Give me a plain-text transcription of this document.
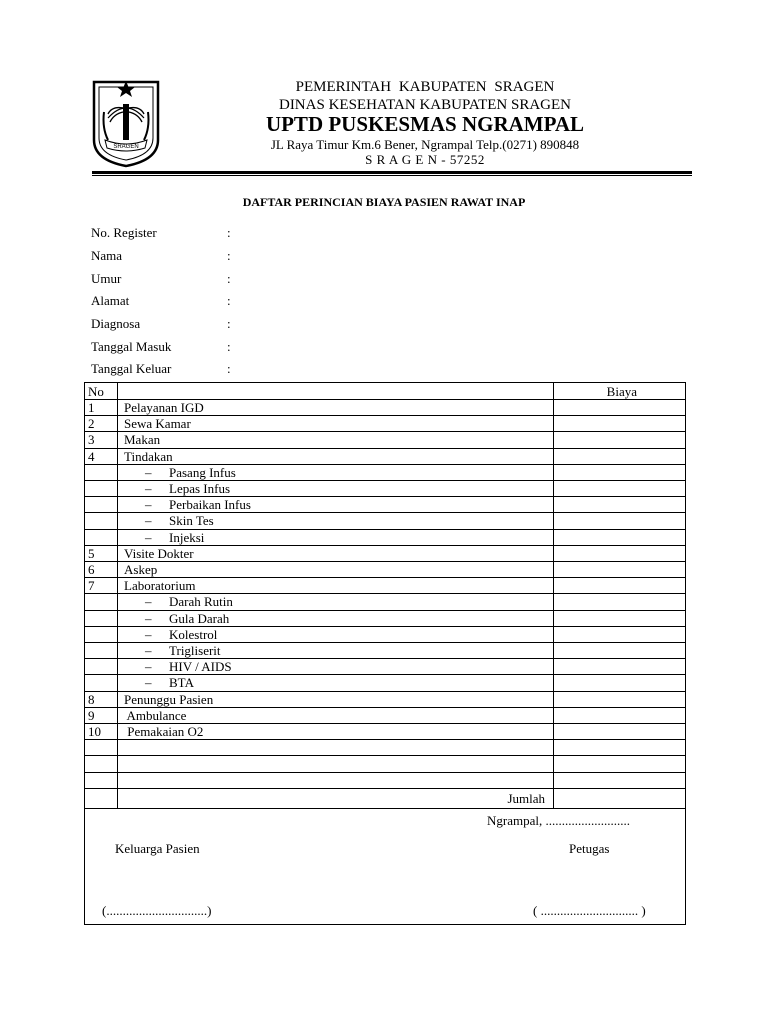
SRAGEN
PEMERINTAH KABUPATEN SRAGEN
DINAS KESEHATAN KABUPATEN SRAGEN
UPTD PUSKESMAS NGRAMPAL
JL Raya Timur Km.6 Bener, Ngrampal Telp.(0271) 890848
S R A G E N - 57252
DAFTAR PERINCIAN BIAYA PASIEN RAWAT INAP
No. Register	:
Nama	:
Umur	:
Alamat	:
Diagnosa	:
Tanggal Masuk	:
Tanggal Keluar	:
No	Biaya
1 Pelayanan IGD
2 Sewa Kamar
3 Makan
4 Tindakan
– Pasang Infus
– Lepas Infus
– Perbaikan Infus
– Skin Tes
– Injeksi
5 Visite Dokter
6 Askep
7 Laboratorium
– Darah Rutin
– Gula Darah
– Kolestrol
– Trigliserit
– HIV / AIDS
– BTA
8 Penunggu Pasien
9 Ambulance
10 Pemakaian O2
Jumlah
Ngrampal, ..........................
Keluarga Pasien	Petugas
(...............................)	( .............................. )
